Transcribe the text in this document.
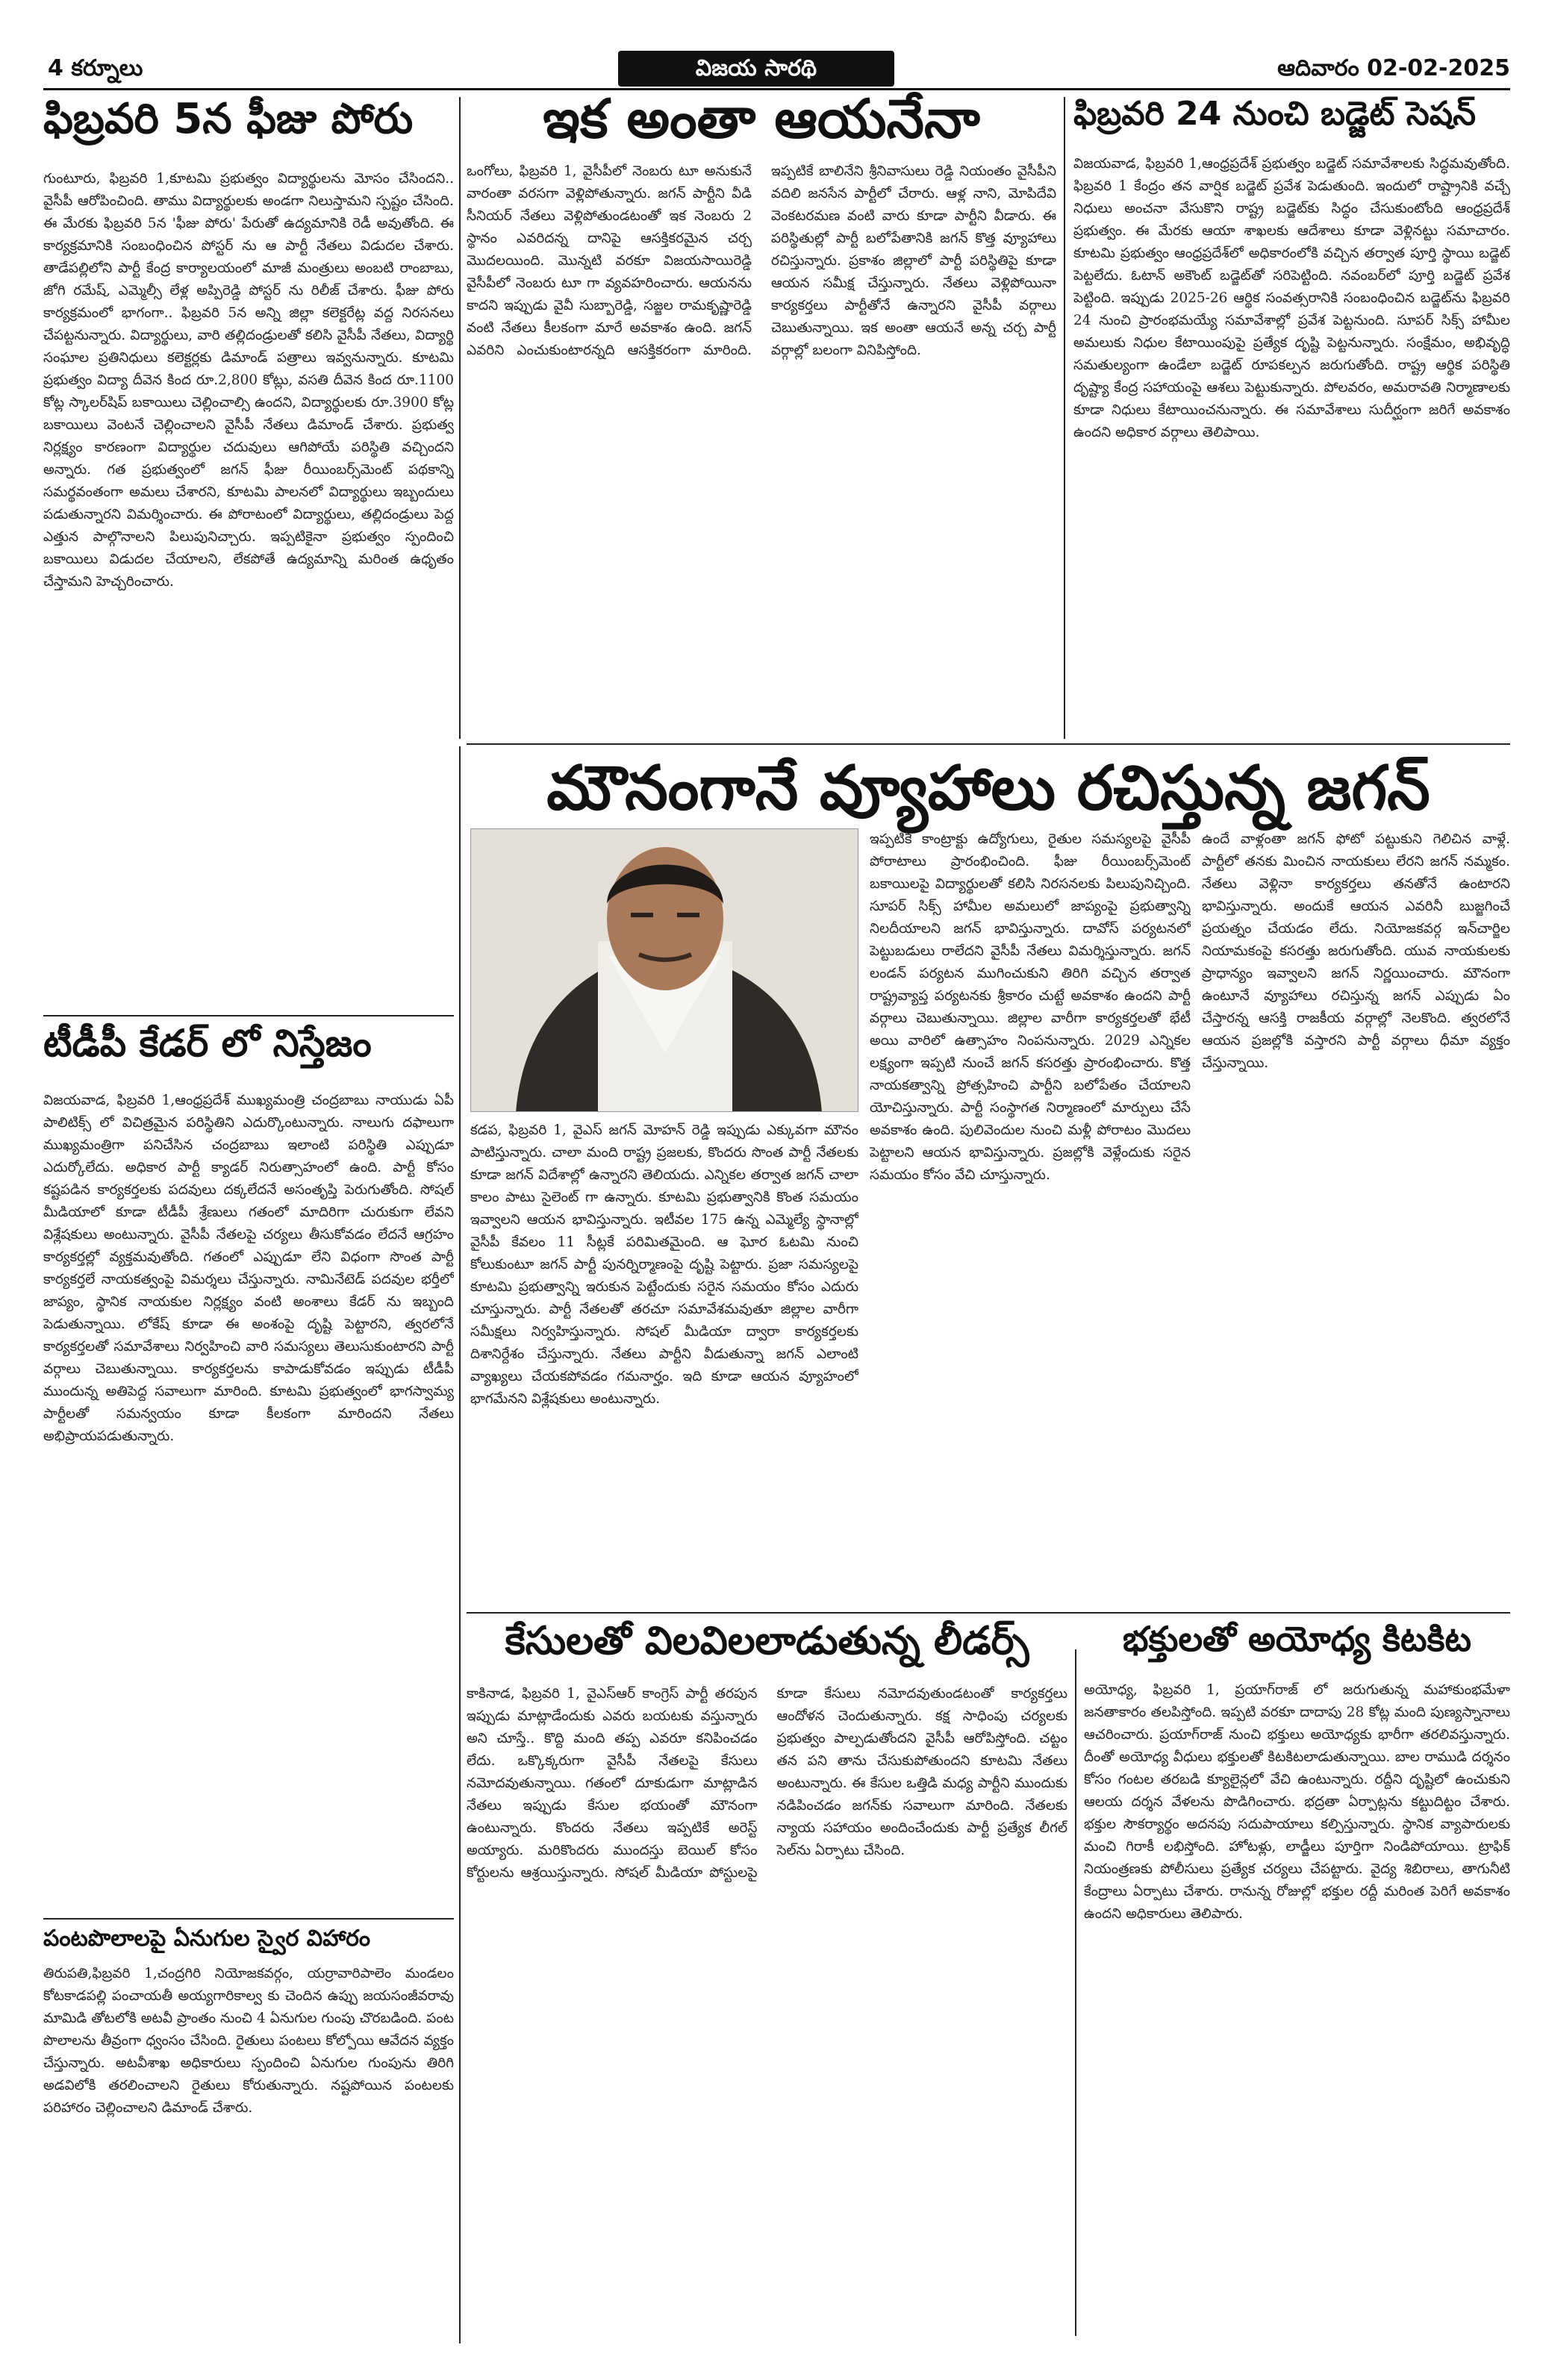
4 కర్నూలు	విజయ సారథి	ఆదివారం 02-02-2025
ఫిబ్రవరి 5న ఫీజు పోరు
గుంటూరు, ఫిబ్రవరి 1,కూటమి ప్రభుత్వం విద్యార్థులను మోసం చేసిందని.. వైసీపీ ఆరోపించింది. తాము విద్యార్థులకు అండగా నిలుస్తామని స్పష్టం చేసింది. ఈ మేరకు ఫిబ్రవరి 5న 'ఫీజు పోరు' పేరుతో ఉద్యమానికి రెడీ అవుతోంది. ఈ కార్యక్రమానికి సంబంధించిన పోస్టర్ ను ఆ పార్టీ నేతలు విడుదల చేశారు. తాడేపల్లిలోని పార్టీ కేంద్ర కార్యాలయంలో మాజీ మంత్రులు అంబటి రాంబాబు, జోగి రమేష్, ఎమ్మెల్సీ లేళ్ల అప్పిరెడ్డి పోస్టర్ ను రిలీజ్ చేశారు. ఫీజు పోరు కార్యక్రమంలో భాగంగా.. ఫిబ్రవరి 5న అన్ని జిల్లా కలెక్టరేట్ల వద్ద నిరసనలు చేపట్టనున్నారు. విద్యార్థులు, వారి తల్లిదండ్రులతో కలిసి వైసీపీ నేతలు, విద్యార్థి సంఘాల ప్రతినిధులు కలెక్టర్లకు డిమాండ్ పత్రాలు ఇవ్వనున్నారు. కూటమి ప్రభుత్వం విద్యా దీవెన కింద రూ.2,800 కోట్లు, వసతి దీవెన కింద రూ.1100 కోట్ల స్కాలర్‌షిప్ బకాయిలు చెల్లించాల్సి ఉందని, విద్యార్థులకు రూ.3900 కోట్ల బకాయిలు వెంటనే చెల్లించాలని వైసీపీ నేతలు డిమాండ్ చేశారు. ప్రభుత్వ నిర్లక్ష్యం కారణంగా విద్యార్థుల చదువులు ఆగిపోయే పరిస్థితి వచ్చిందని అన్నారు. గత ప్రభుత్వంలో జగన్ ఫీజు రీయింబర్స్‌మెంట్ పథకాన్ని సమర్థవంతంగా అమలు చేశారని, కూటమి పాలనలో విద్యార్థులు ఇబ్బందులు పడుతున్నారని విమర్శించారు. ఈ పోరాటంలో విద్యార్థులు, తల్లిదండ్రులు పెద్ద ఎత్తున పాల్గొనాలని పిలుపునిచ్చారు. ఇప్పటికైనా ప్రభుత్వం స్పందించి బకాయిలు విడుదల చేయాలని, లేకపోతే ఉద్యమాన్ని మరింత ఉధృతం చేస్తామని హెచ్చరించారు.
టీడీపీ కేడర్ లో నిస్తేజం
విజయవాడ, ఫిబ్రవరి 1,ఆంధ్రప్రదేశ్ ముఖ్యమంత్రి చంద్రబాబు నాయుడు ఏపీ పాలిటిక్స్ లో విచిత్రమైన పరిస్థితిని ఎదుర్కొంటున్నారు. నాలుగు దఫాలుగా ముఖ్యమంత్రిగా పనిచేసిన చంద్రబాబు ఇలాంటి పరిస్థితి ఎప్పుడూ ఎదుర్కోలేదు. అధికార పార్టీ క్యాడర్ నిరుత్సాహంలో ఉంది. పార్టీ కోసం కష్టపడిన కార్యకర్తలకు పదవులు దక్కలేదనే అసంతృప్తి పెరుగుతోంది. సోషల్ మీడియాలో కూడా టీడీపీ శ్రేణులు గతంలో మాదిరిగా చురుకుగా లేవని విశ్లేషకులు అంటున్నారు. వైసీపీ నేతలపై చర్యలు తీసుకోవడం లేదనే ఆగ్రహం కార్యకర్తల్లో వ్యక్తమవుతోంది. గతంలో ఎప్పుడూ లేని విధంగా సొంత పార్టీ కార్యకర్తలే నాయకత్వంపై విమర్శలు చేస్తున్నారు. నామినేటెడ్ పదవుల భర్తీలో జాప్యం, స్థానిక నాయకుల నిర్లక్ష్యం వంటి అంశాలు కేడర్ ను ఇబ్బంది పెడుతున్నాయి. లోకేష్ కూడా ఈ అంశంపై దృష్టి పెట్టారని, త్వరలోనే కార్యకర్తలతో సమావేశాలు నిర్వహించి వారి సమస్యలు తెలుసుకుంటారని పార్టీ వర్గాలు చెబుతున్నాయి. కార్యకర్తలను కాపాడుకోవడం ఇప్పుడు టీడీపీ ముందున్న అతిపెద్ద సవాలుగా మారింది. కూటమి ప్రభుత్వంలో భాగస్వామ్య పార్టీలతో సమన్వయం కూడా కీలకంగా మారిందని నేతలు అభిప్రాయపడుతున్నారు.
పంటపొలాలపై ఏనుగుల స్వైర విహారం
తిరుపతి,ఫిబ్రవరి 1,చంద్రగిరి నియోజకవర్గం, యర్రావారిపాలెం మండలం కోటకాడపల్లి పంచాయతీ అయ్యగారికాల్వ కు చెందిన ఉప్పు జయసంజీవరావు మామిడి తోటలోకి అటవీ ప్రాంతం నుంచి 4 ఏనుగుల గుంపు చొరబడింది. పంట పొలాలను తీవ్రంగా ధ్వంసం చేసింది. రైతులు పంటలు కోల్పోయి ఆవేదన వ్యక్తం చేస్తున్నారు. అటవీశాఖ అధికారులు స్పందించి ఏనుగుల గుంపును తిరిగి అడవిలోకి తరలించాలని రైతులు కోరుతున్నారు. నష్టపోయిన పంటలకు పరిహారం చెల్లించాలని డిమాండ్ చేశారు.
ఇక అంతా ఆయనేనా
ఒంగోలు, ఫిబ్రవరి 1, వైసీపీలో నెంబరు టూ అనుకునే వారంతా వరసగా వెళ్లిపోతున్నారు. జగన్ పార్టీని వీడి సీనియర్ నేతలు వెళ్లిపోతుండటంతో ఇక నెంబరు 2 స్థానం ఎవరిదన్న దానిపై ఆసక్తికరమైన చర్చ మొదలయింది. మొన్నటి వరకూ విజయసాయిరెడ్డి వైసీపీలో నెంబరు టూ గా వ్యవహరించారు. ఆయనను కాదని ఇప్పుడు వైవీ సుబ్బారెడ్డి, సజ్జల రామకృష్ణారెడ్డి వంటి నేతలు కీలకంగా మారే అవకాశం ఉంది. జగన్ ఎవరిని ఎంచుకుంటారన్నది ఆసక్తికరంగా మారింది. ఇప్పటికే బాలినేని శ్రీనివాసులు రెడ్డి నియంతం వైసీపీని వదిలి జనసేన పార్టీలో చేరారు. ఆళ్ల నాని, మోపిదేవి వెంకటరమణ వంటి వారు కూడా పార్టీని వీడారు. ఈ పరిస్థితుల్లో పార్టీ బలోపేతానికి జగన్ కొత్త వ్యూహాలు రచిస్తున్నారు. ప్రకాశం జిల్లాలో పార్టీ పరిస్థితిపై కూడా ఆయన సమీక్ష చేస్తున్నారు. నేతలు వెళ్లిపోయినా కార్యకర్తలు పార్టీతోనే ఉన్నారని వైసీపీ వర్గాలు చెబుతున్నాయి. ఇక అంతా ఆయనే అన్న చర్చ పార్టీ వర్గాల్లో బలంగా వినిపిస్తోంది.
ఫిబ్రవరి 24 నుంచి బడ్జెట్ సెషన్
విజయవాడ, ఫిబ్రవరి 1,ఆంధ్రప్రదేశ్ ప్రభుత్వం బడ్జెట్ సమావేశాలకు సిద్ధమవుతోంది. ఫిబ్రవరి 1 కేంద్రం తన వార్షిక బడ్జెట్ ప్రవేశ పెడుతుంది. ఇందులో రాష్ట్రానికి వచ్చే నిధులు అంచనా వేసుకొని రాష్ట్ర బడ్జెట్‌కు సిద్ధం చేసుకుంటోంది ఆంధ్రప్రదేశ్ ప్రభుత్వం. ఈ మేరకు ఆయా శాఖలకు ఆదేశాలు కూడా వెళ్లినట్టు సమాచారం. కూటమి ప్రభుత్వం ఆంధ్రప్రదేశ్‌లో అధికారంలోకి వచ్చిన తర్వాత పూర్తి స్థాయి బడ్జెట్ పెట్టలేదు. ఓటాన్ అకౌంట్ బడ్జెట్‌తో సరిపెట్టింది. నవంబర్‌లో పూర్తి బడ్జెట్ ప్రవేశ పెట్టింది. ఇప్పుడు 2025-26 ఆర్థిక సంవత్సరానికి సంబంధించిన బడ్జెట్‌ను ఫిబ్రవరి 24 నుంచి ప్రారంభమయ్యే సమావేశాల్లో ప్రవేశ పెట్టనుంది. సూపర్ సిక్స్ హామీల అమలుకు నిధుల కేటాయింపుపై ప్రత్యేక దృష్టి పెట్టనున్నారు. సంక్షేమం, అభివృద్ధి సమతుల్యంగా ఉండేలా బడ్జెట్ రూపకల్పన జరుగుతోంది. రాష్ట్ర ఆర్థిక పరిస్థితి దృష్ట్యా కేంద్ర సహాయంపై ఆశలు పెట్టుకున్నారు. పోలవరం, అమరావతి నిర్మాణాలకు కూడా నిధులు కేటాయించనున్నారు. ఈ సమావేశాలు సుదీర్ఘంగా జరిగే అవకాశం ఉందని అధికార వర్గాలు తెలిపాయి.
మౌనంగానే వ్యూహాలు రచిస్తున్న జగన్
కడప, ఫిబ్రవరి 1, వైఎస్ జగన్ మోహన్ రెడ్డి ఇప్పుడు ఎక్కువగా మౌనం పాటిస్తున్నారు. చాలా మంది రాష్ట్ర ప్రజలకు, కొందరు సొంత పార్టీ నేతలకు కూడా జగన్ విదేశాల్లో ఉన్నారని తెలియదు. ఎన్నికల తర్వాత జగన్ చాలా కాలం పాటు సైలెంట్ గా ఉన్నారు. కూటమి ప్రభుత్వానికి కొంత సమయం ఇవ్వాలని ఆయన భావిస్తున్నారు. ఇటీవల 175 ఉన్న ఎమ్మెల్యే స్థానాల్లో వైసీపీ కేవలం 11 సీట్లకే పరిమితమైంది. ఆ ఘోర ఓటమి నుంచి కోలుకుంటూ జగన్ పార్టీ పునర్నిర్మాణంపై దృష్టి పెట్టారు. ప్రజా సమస్యలపై కూటమి ప్రభుత్వాన్ని ఇరుకున పెట్టేందుకు సరైన సమయం కోసం ఎదురు చూస్తున్నారు. పార్టీ నేతలతో తరచూ సమావేశమవుతూ జిల్లాల వారీగా సమీక్షలు నిర్వహిస్తున్నారు. సోషల్ మీడియా ద్వారా కార్యకర్తలకు దిశానిర్దేశం చేస్తున్నారు. నేతలు పార్టీని వీడుతున్నా జగన్ ఎలాంటి వ్యాఖ్యలు చేయకపోవడం గమనార్హం. ఇది కూడా ఆయన వ్యూహంలో భాగమేనని విశ్లేషకులు అంటున్నారు.
ఇప్పటికే కాంట్రాక్టు ఉద్యోగులు, రైతుల సమస్యలపై వైసీపీ పోరాటాలు ప్రారంభించింది. ఫీజు రీయింబర్స్‌మెంట్ బకాయిలపై విద్యార్థులతో కలిసి నిరసనలకు పిలుపునిచ్చింది. సూపర్ సిక్స్ హామీల అమలులో జాప్యంపై ప్రభుత్వాన్ని నిలదీయాలని జగన్ భావిస్తున్నారు. దావోస్ పర్యటనలో పెట్టుబడులు రాలేదని వైసీపీ నేతలు విమర్శిస్తున్నారు. జగన్ లండన్ పర్యటన ముగించుకుని తిరిగి వచ్చిన తర్వాత రాష్ట్రవ్యాప్త పర్యటనకు శ్రీకారం చుట్టే అవకాశం ఉందని పార్టీ వర్గాలు చెబుతున్నాయి. జిల్లాల వారీగా కార్యకర్తలతో భేటీ అయి వారిలో ఉత్సాహం నింపనున్నారు. 2029 ఎన్నికల లక్ష్యంగా ఇప్పటి నుంచే జగన్ కసరత్తు ప్రారంభించారు. కొత్త నాయకత్వాన్ని ప్రోత్సహించి పార్టీని బలోపేతం చేయాలని యోచిస్తున్నారు. పార్టీ సంస్థాగత నిర్మాణంలో మార్పులు చేసే అవకాశం ఉంది. పులివెందుల నుంచి మళ్లీ పోరాటం మొదలు పెట్టాలని ఆయన భావిస్తున్నారు. ప్రజల్లోకి వెళ్లేందుకు సరైన సమయం కోసం వేచి చూస్తున్నారు.
ఉందే వాళ్లంతా జగన్ ఫోటో పట్టుకుని గెలిచిన వాళ్లే. పార్టీలో తనకు మించిన నాయకులు లేరని జగన్ నమ్మకం. నేతలు వెళ్లినా కార్యకర్తలు తనతోనే ఉంటారని భావిస్తున్నారు. అందుకే ఆయన ఎవరినీ బుజ్జగించే ప్రయత్నం చేయడం లేదు. నియోజకవర్గ ఇన్‌చార్జిల నియామకంపై కసరత్తు జరుగుతోంది. యువ నాయకులకు ప్రాధాన్యం ఇవ్వాలని జగన్ నిర్ణయించారు. మౌనంగా ఉంటూనే వ్యూహాలు రచిస్తున్న జగన్ ఎప్పుడు ఏం చేస్తారన్న ఆసక్తి రాజకీయ వర్గాల్లో నెలకొంది. త్వరలోనే ఆయన ప్రజల్లోకి వస్తారని పార్టీ వర్గాలు ధీమా వ్యక్తం చేస్తున్నాయి.
కేసులతో విలవిలలాడుతున్న లీడర్స్
కాకినాడ, ఫిబ్రవరి 1, వైఎస్ఆర్ కాంగ్రెస్ పార్టీ తరపున ఇప్పుడు మాట్లాడేందుకు ఎవరు బయటకు వస్తున్నారు అని చూస్తే.. కొద్ది మంది తప్ప ఎవరూ కనిపించడం లేదు. ఒక్కొక్కరుగా వైసీపీ నేతలపై కేసులు నమోదవుతున్నాయి. గతంలో దూకుడుగా మాట్లాడిన నేతలు ఇప్పుడు కేసుల భయంతో మౌనంగా ఉంటున్నారు. కొందరు నేతలు ఇప్పటికే అరెస్ట్ అయ్యారు. మరికొందరు ముందస్తు బెయిల్ కోసం కోర్టులను ఆశ్రయిస్తున్నారు. సోషల్ మీడియా పోస్టులపై కూడా కేసులు నమోదవుతుండటంతో కార్యకర్తలు ఆందోళన చెందుతున్నారు. కక్ష సాధింపు చర్యలకు ప్రభుత్వం పాల్పడుతోందని వైసీపీ ఆరోపిస్తోంది. చట్టం తన పని తాను చేసుకుపోతుందని కూటమి నేతలు అంటున్నారు. ఈ కేసుల ఒత్తిడి మధ్య పార్టీని ముందుకు నడిపించడం జగన్‌కు సవాలుగా మారింది. నేతలకు న్యాయ సహాయం అందించేందుకు పార్టీ ప్రత్యేక లీగల్ సెల్‌ను ఏర్పాటు చేసింది.
భక్తులతో అయోధ్య కిటకిట
అయోధ్య, ఫిబ్రవరి 1, ప్రయాగ్‌రాజ్ లో జరుగుతున్న మహాకుంభమేళా జనతాకారం తలపిస్తోంది. ఇప్పటి వరకూ దాదాపు 28 కోట్ల మంది పుణ్యస్నానాలు ఆచరించారు. ప్రయాగ్‌రాజ్ నుంచి భక్తులు అయోధ్యకు భారీగా తరలివస్తున్నారు. దీంతో అయోధ్య వీధులు భక్తులతో కిటకిటలాడుతున్నాయి. బాల రాముడి దర్శనం కోసం గంటల తరబడి క్యూలైన్లలో వేచి ఉంటున్నారు. రద్దీని దృష్టిలో ఉంచుకుని ఆలయ దర్శన వేళలను పొడిగించారు. భద్రతా ఏర్పాట్లను కట్టుదిట్టం చేశారు. భక్తుల సౌకర్యార్థం అదనపు సదుపాయాలు కల్పిస్తున్నారు. స్థానిక వ్యాపారులకు మంచి గిరాకీ లభిస్తోంది. హోటళ్లు, లాడ్జీలు పూర్తిగా నిండిపోయాయి. ట్రాఫిక్ నియంత్రణకు పోలీసులు ప్రత్యేక చర్యలు చేపట్టారు. వైద్య శిబిరాలు, తాగునీటి కేంద్రాలు ఏర్పాటు చేశారు. రానున్న రోజుల్లో భక్తుల రద్దీ మరింత పెరిగే అవకాశం ఉందని అధికారులు తెలిపారు.
